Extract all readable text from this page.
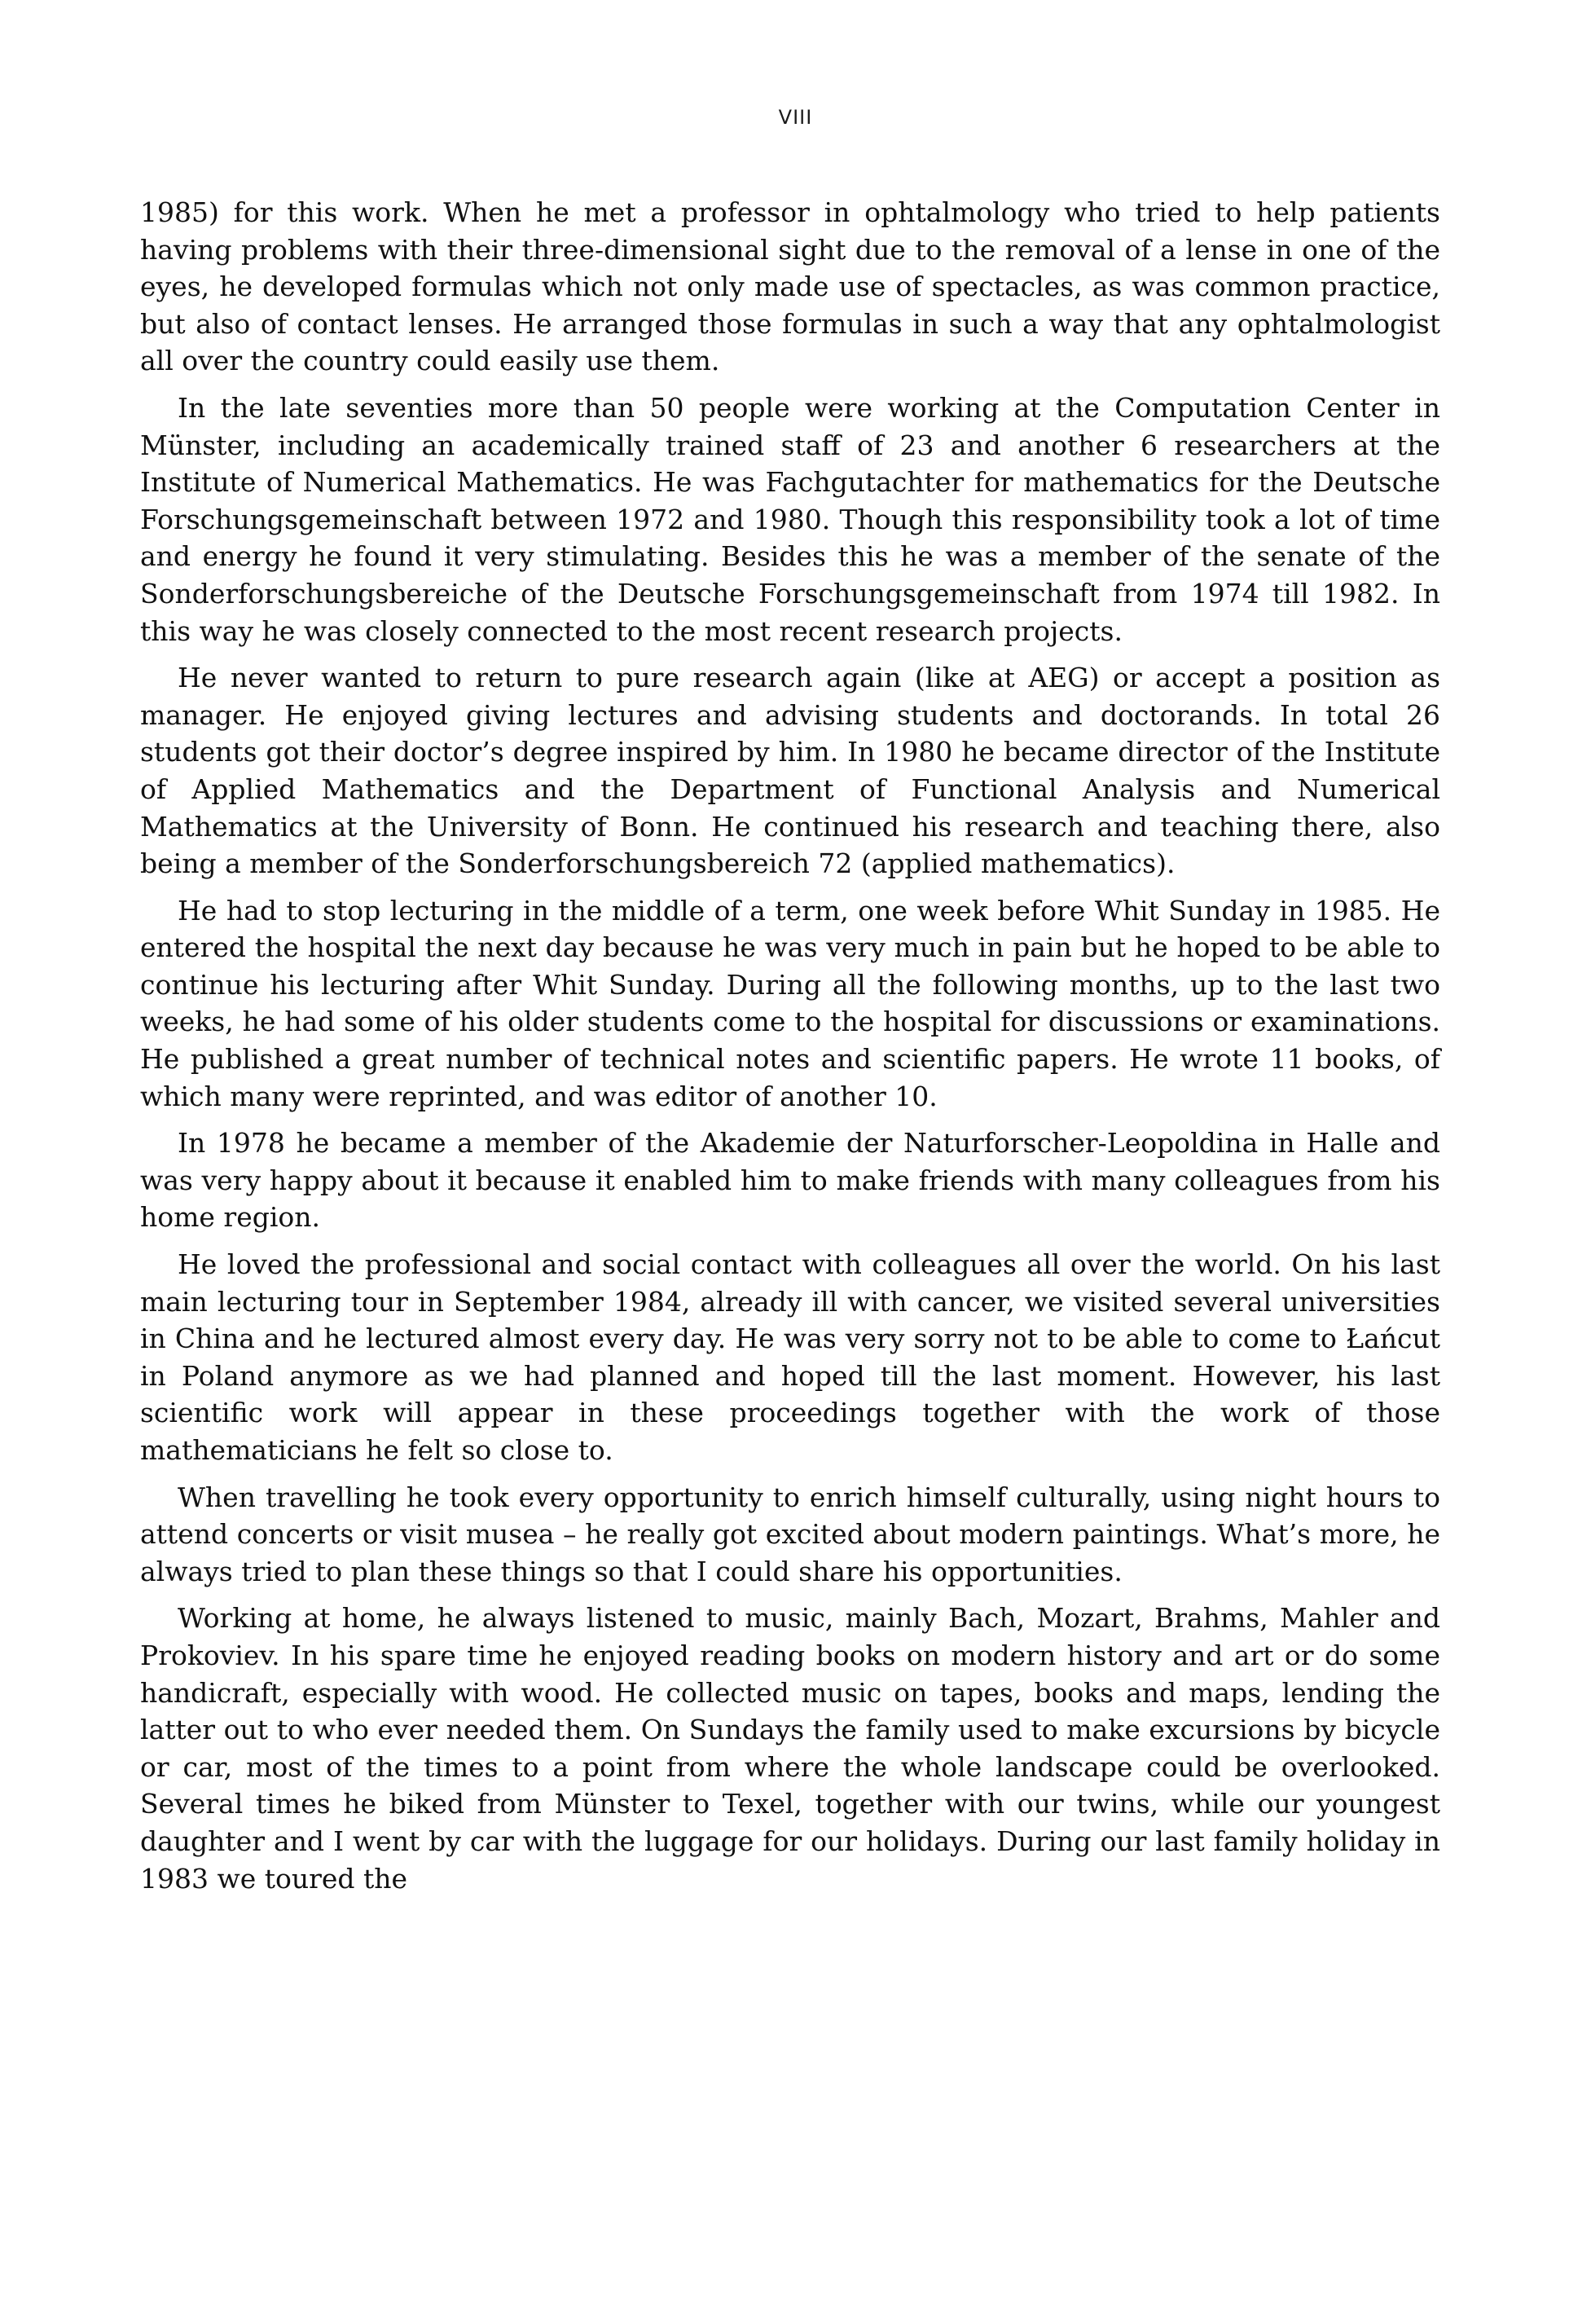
VIII

1985) for this work. When he met a professor in ophtalmology who tried to help patients having problems with their three-dimensional sight due to the removal of a lense in one of the eyes, he developed formulas which not only made use of spectacles, as was common practice, but also of contact lenses. He arranged those formulas in such a way that any ophtalmologist all over the country could easily use them.

In the late seventies more than 50 people were working at the Computation Center in Münster, including an academically trained staff of 23 and another 6 researchers at the Institute of Numerical Mathematics. He was Fachgutachter for mathematics for the Deutsche Forschungsgemeinschaft between 1972 and 1980. Though this responsibility took a lot of time and energy he found it very stimulating. Besides this he was a member of the senate of the Sonderforschungsbereiche of the Deutsche Forschungsgemeinschaft from 1974 till 1982. In this way he was closely connected to the most recent research projects.

He never wanted to return to pure research again (like at AEG) or accept a position as manager. He enjoyed giving lectures and advising students and doctorands. In total 26 students got their doctor’s degree inspired by him. In 1980 he became director of the Institute of Applied Mathematics and the Department of Functional Analysis and Numerical Mathematics at the University of Bonn. He continued his research and teaching there, also being a member of the Sonderforschungsbereich 72 (applied mathematics).

He had to stop lecturing in the middle of a term, one week before Whit Sunday in 1985. He entered the hospital the next day because he was very much in pain but he hoped to be able to continue his lecturing after Whit Sunday. During all the following months, up to the last two weeks, he had some of his older students come to the hospital for discussions or examinations. He published a great number of technical notes and scientific papers. He wrote 11 books, of which many were reprinted, and was editor of another 10.

In 1978 he became a member of the Akademie der Naturforscher-Leopoldina in Halle and was very happy about it because it enabled him to make friends with many colleagues from his home region.

He loved the professional and social contact with colleagues all over the world. On his last main lecturing tour in September 1984, already ill with cancer, we visited several universities in China and he lectured almost every day. He was very sorry not to be able to come to Łańcut in Poland anymore as we had planned and hoped till the last moment. However, his last scientific work will appear in these proceedings together with the work of those mathematicians he felt so close to.

When travelling he took every opportunity to enrich himself culturally, using night hours to attend concerts or visit musea – he really got excited about modern paintings. What’s more, he always tried to plan these things so that I could share his opportunities.

Working at home, he always listened to music, mainly Bach, Mozart, Brahms, Mahler and Prokoviev. In his spare time he enjoyed reading books on modern history and art or do some handicraft, especially with wood. He collected music on tapes, books and maps, lending the latter out to who ever needed them. On Sundays the family used to make excursions by bicycle or car, most of the times to a point from where the whole landscape could be overlooked. Several times he biked from Münster to Texel, together with our twins, while our youngest daughter and I went by car with the luggage for our holidays. During our last family holiday in 1983 we toured the
